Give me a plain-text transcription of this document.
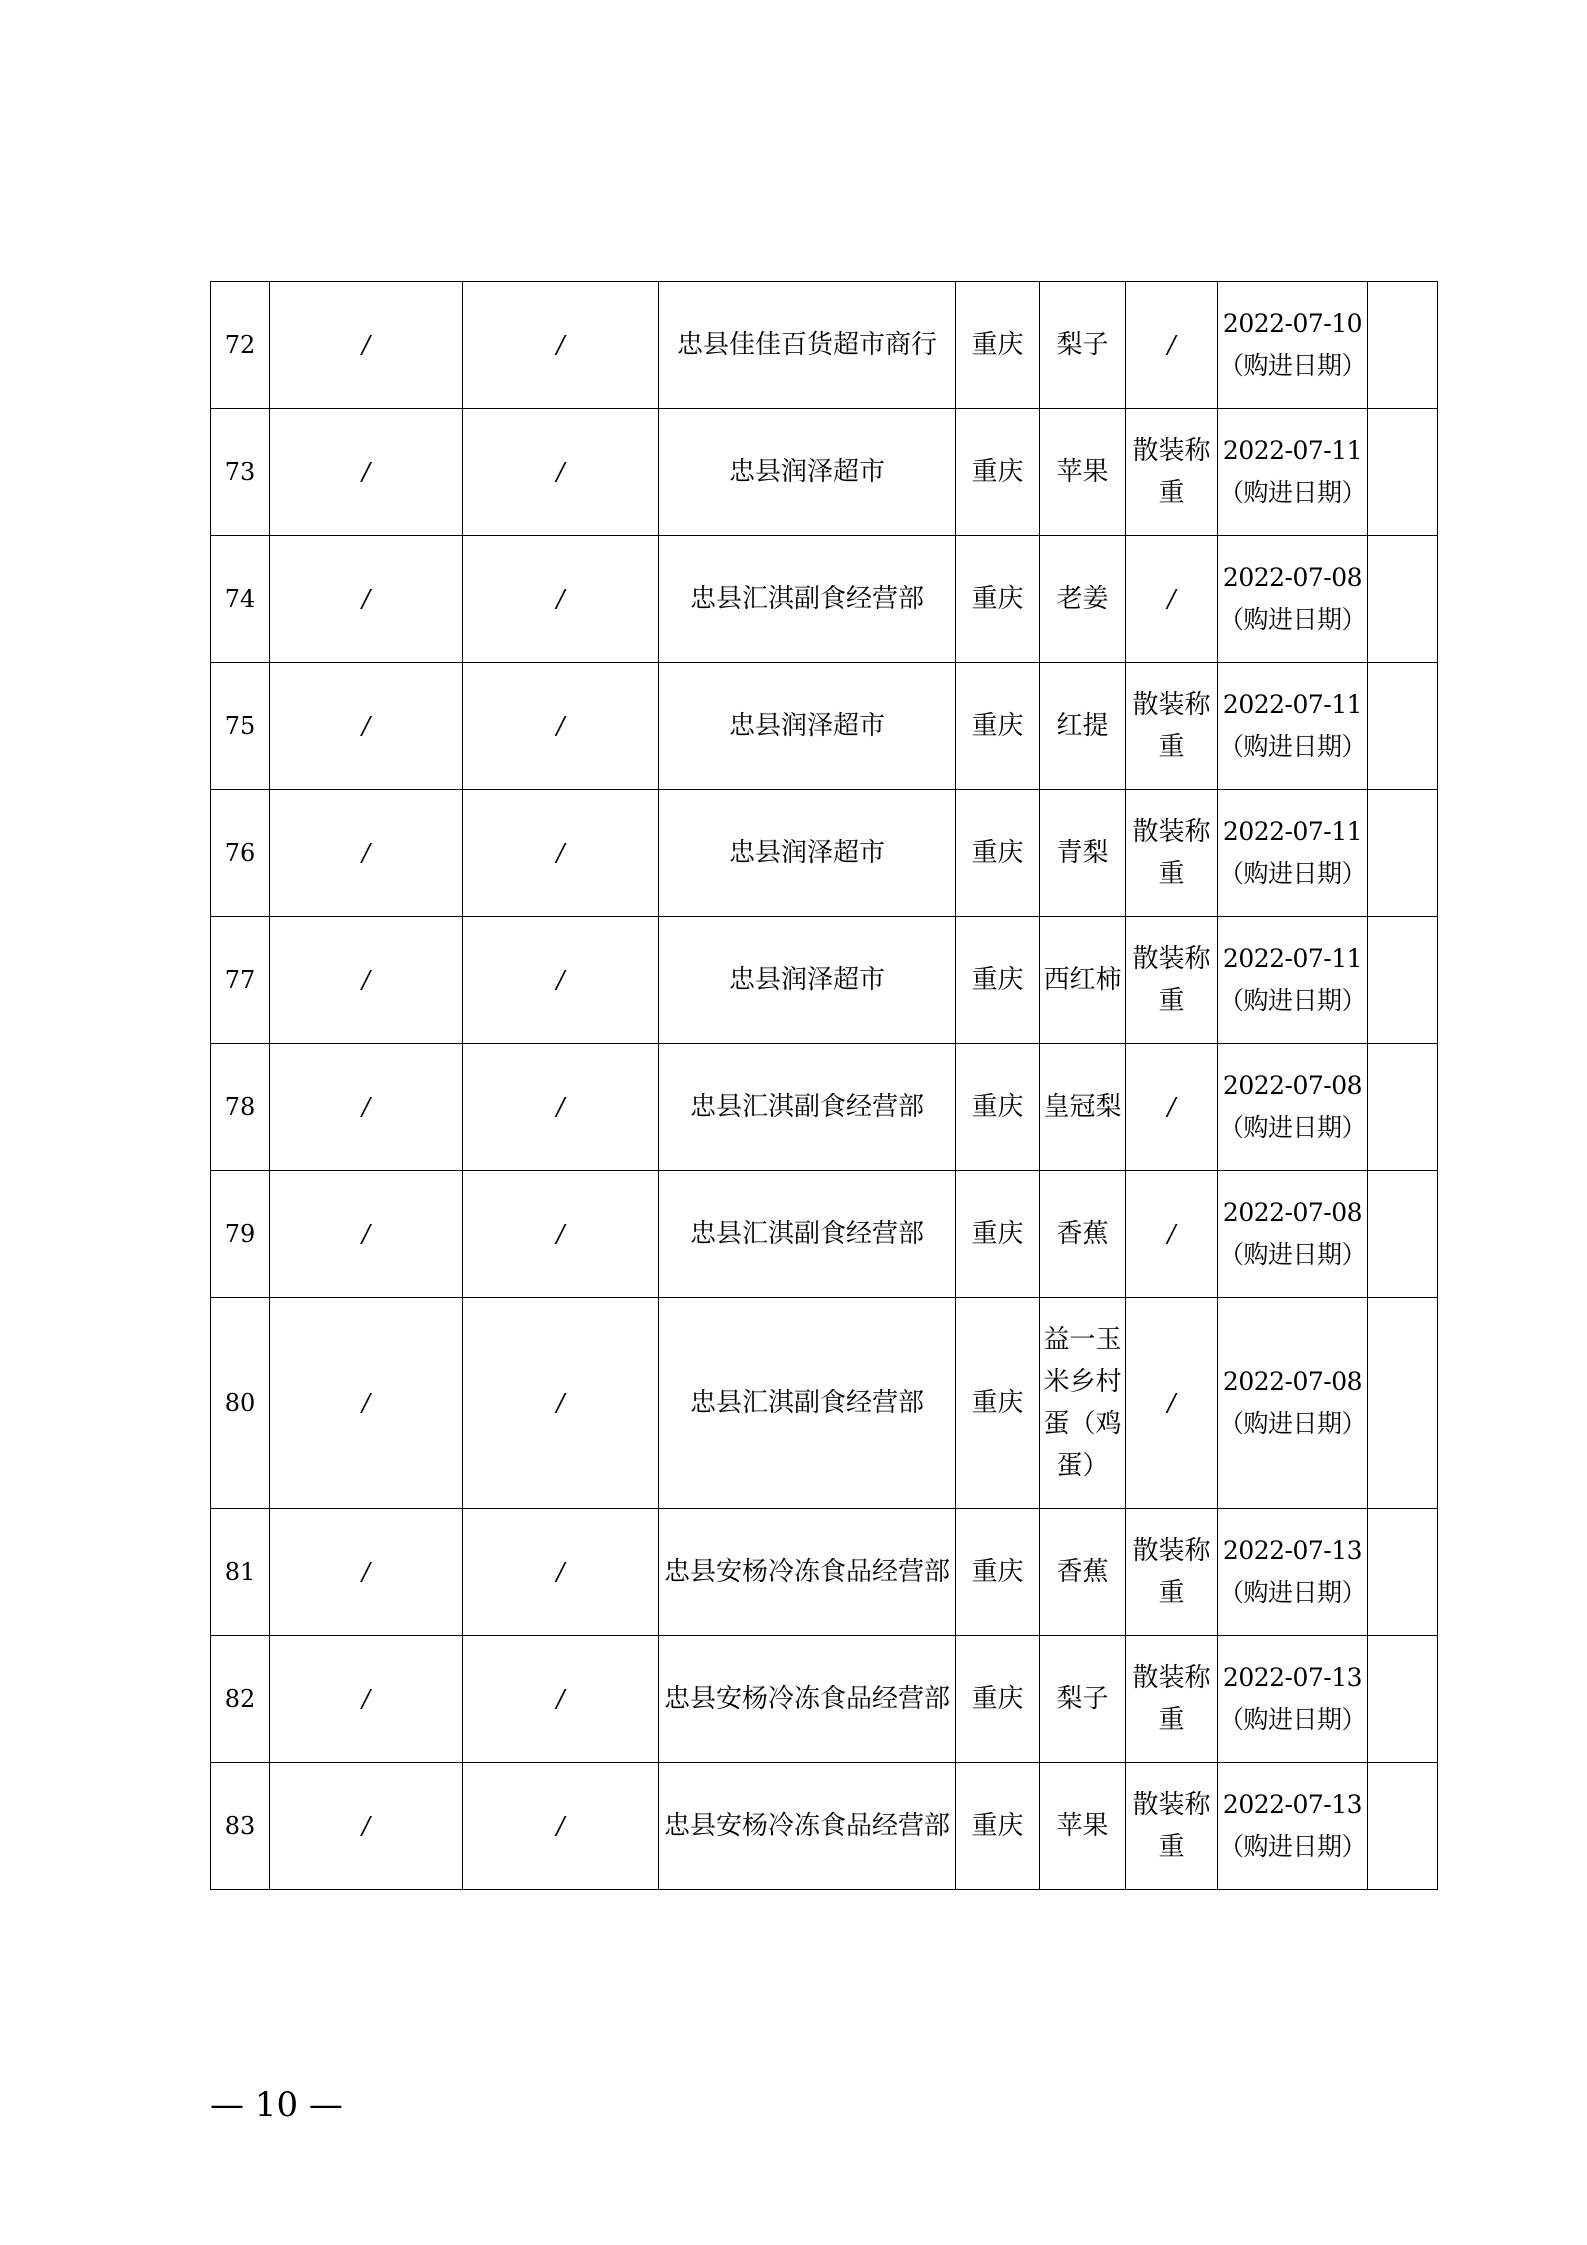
72	/	/	忠县佳佳百货超市商行	重庆	梨子	/	2022-07-10
（购进日期）	
73	/	/	忠县润泽超市	重庆	苹果	散装称重	2022-07-11
（购进日期）	
74	/	/	忠县汇淇副食经营部	重庆	老姜	/	2022-07-08
（购进日期）	
75	/	/	忠县润泽超市	重庆	红提	散装称重	2022-07-11
（购进日期）	
76	/	/	忠县润泽超市	重庆	青梨	散装称重	2022-07-11
（购进日期）	
77	/	/	忠县润泽超市	重庆	西红柿	散装称重	2022-07-11
（购进日期）	
78	/	/	忠县汇淇副食经营部	重庆	皇冠梨	/	2022-07-08
（购进日期）	
79	/	/	忠县汇淇副食经营部	重庆	香蕉	/	2022-07-08
（购进日期）	
80	/	/	忠县汇淇副食经营部	重庆	益一玉米乡村蛋（鸡蛋）	/	2022-07-08
（购进日期）	
81	/	/	忠县安杨冷冻食品经营部	重庆	香蕉	散装称重	2022-07-13
（购进日期）	
82	/	/	忠县安杨冷冻食品经营部	重庆	梨子	散装称重	2022-07-13
（购进日期）	
83	/	/	忠县安杨冷冻食品经营部	重庆	苹果	散装称重	2022-07-13
（购进日期）	
— 10 —
